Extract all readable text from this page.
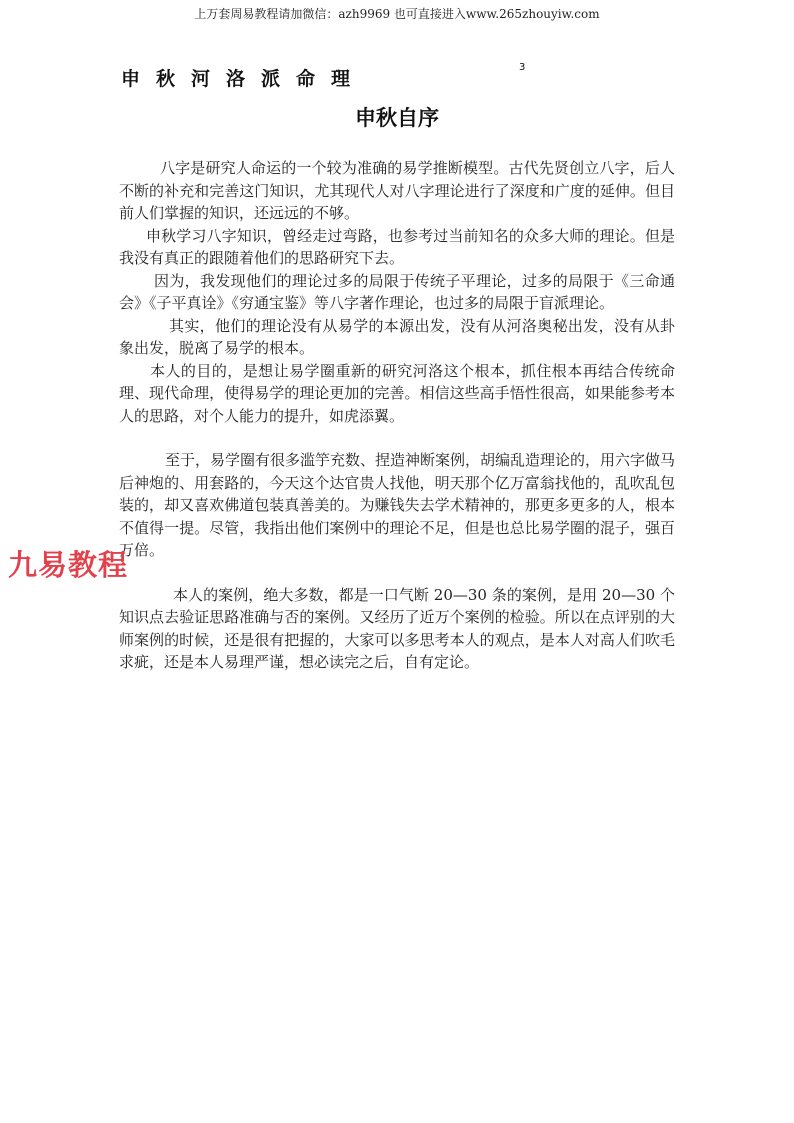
上万套周易教程请加微信：azh9969 也可直接进入www.265zhouyiw.com
申秋河洛派命理
3
申秋自序

八字是研究人命运的一个较为准确的易学推断模型。古代先贤创立八字，后人不断的补充和完善这门知识，尤其现代人对八字理论进行了深度和广度的延伸。但目前人们掌握的知识，还远远的不够。

申秋学习八字知识，曾经走过弯路，也参考过当前知名的众多大师的理论。但是我没有真正的跟随着他们的思路研究下去。

因为，我发现他们的理论过多的局限于传统子平理论，过多的局限于《三命通会》《子平真诠》《穷通宝鉴》等八字著作理论，也过多的局限于盲派理论。

其实，他们的理论没有从易学的本源出发，没有从河洛奥秘出发，没有从卦象出发，脱离了易学的根本。

本人的目的，是想让易学圈重新的研究河洛这个根本，抓住根本再结合传统命理、现代命理，使得易学的理论更加的完善。相信这些高手悟性很高，如果能参考本人的思路，对个人能力的提升，如虎添翼。

至于，易学圈有很多滥竽充数、捏造神断案例，胡编乱造理论的，用六字做马后神炮的、用套路的，今天这个达官贵人找他，明天那个亿万富翁找他的，乱吹乱包装的，却又喜欢佛道包装真善美的。为赚钱失去学术精神的，那更多更多的人，根本不值得一提。尽管，我指出他们案例中的理论不足，但是也总比易学圈的混子，强百万倍。

本人的案例，绝大多数，都是一口气断 20—30 条的案例，是用 20—30 个知识点去验证思路准确与否的案例。又经历了近万个案例的检验。所以在点评别的大师案例的时候，还是很有把握的，大家可以多思考本人的观点，是本人对高人们吹毛求疵，还是本人易理严谨，想必读完之后，自有定论。

九易教程
